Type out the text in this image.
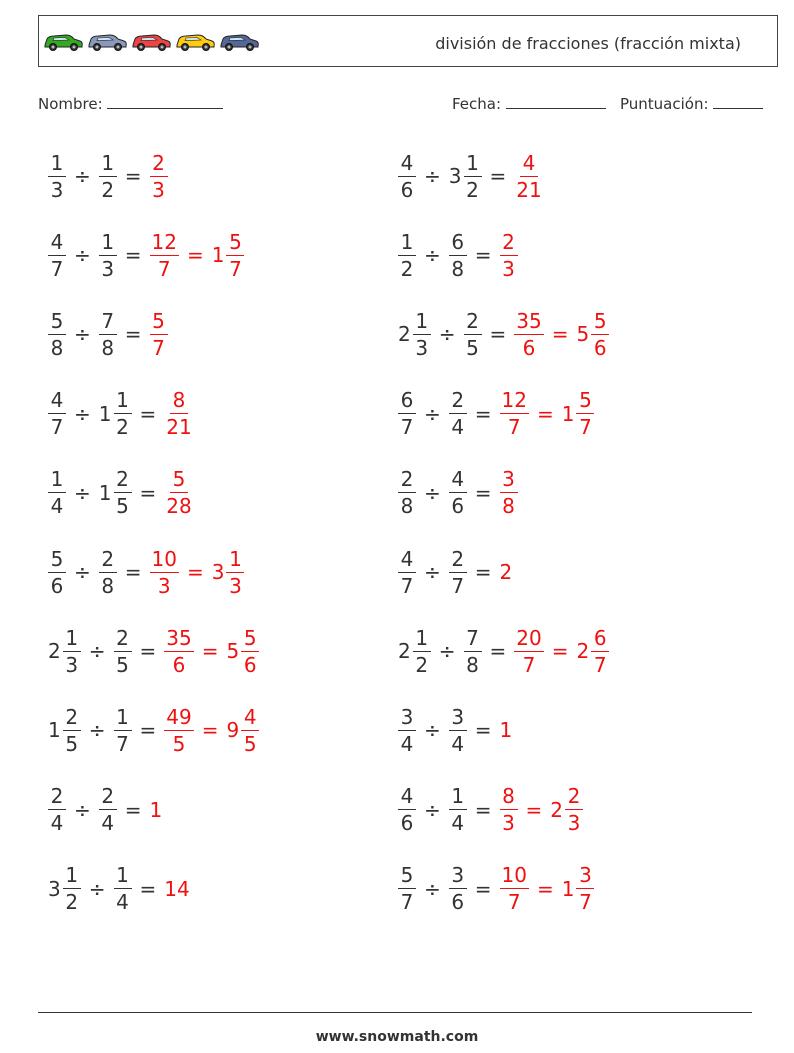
división de fracciones (fracción mixta)
Nombre:	Fecha:	Puntuación:
$\frac{1}{3} \div \frac{1}{2} = \frac{2}{3}$	$\frac{4}{6} \div 3 \frac{1}{2} = \frac{4}{21}$
$\frac{4}{7} \div \frac{1}{3} = \frac{12}{7} = 1 \frac{5}{7}$	$\frac{1}{2} \div \frac{6}{8} = \frac{2}{3}$
$\frac{5}{8} \div \frac{7}{8} = \frac{5}{7}$	$2 \frac{1}{3} \div \frac{2}{5} = \frac{35}{6} = 5 \frac{5}{6}$
$\frac{4}{7} \div 1 \frac{1}{2} = \frac{8}{21}$	$\frac{6}{7} \div \frac{2}{4} = \frac{12}{7} = 1 \frac{5}{7}$
$\frac{1}{4} \div 1 \frac{2}{5} = \frac{5}{28}$	$\frac{2}{8} \div \frac{4}{6} = \frac{3}{8}$
$\frac{5}{6} \div \frac{2}{8} = \frac{10}{3} = 3 \frac{1}{3}$	$\frac{4}{7} \div \frac{2}{7} = 2$
$2 \frac{1}{3} \div \frac{2}{5} = \frac{35}{6} = 5 \frac{5}{6}$	$2 \frac{1}{2} \div \frac{7}{8} = \frac{20}{7} = 2 \frac{6}{7}$
$1 \frac{2}{5} \div \frac{1}{7} = \frac{49}{5} = 9 \frac{4}{5}$	$\frac{3}{4} \div \frac{3}{4} = 1$
$\frac{2}{4} \div \frac{2}{4} = 1$	$\frac{4}{6} \div \frac{1}{4} = \frac{8}{3} = 2 \frac{2}{3}$
$3 \frac{1}{2} \div \frac{1}{4} = 14$	$\frac{5}{7} \div \frac{3}{6} = \frac{10}{7} = 1 \frac{3}{7}$
www.snowmath.com
